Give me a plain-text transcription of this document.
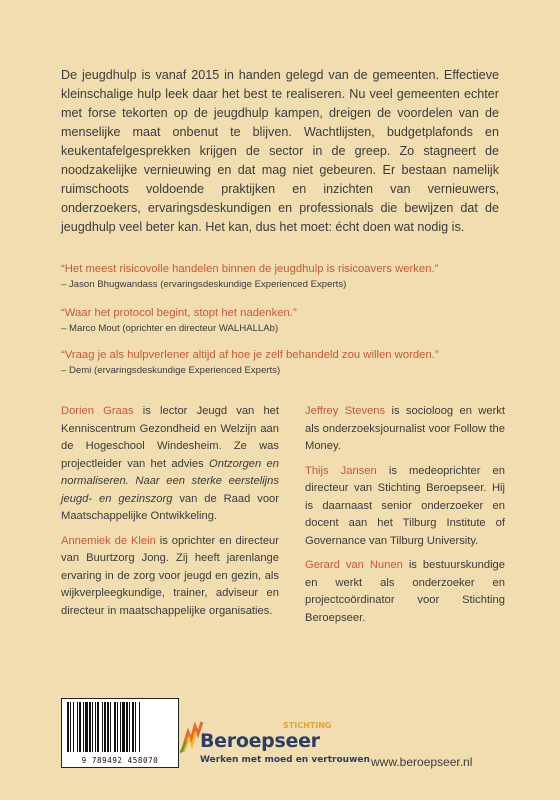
De jeugdhulp is vanaf 2015 in handen gelegd van de gemeenten. Effectieve kleinschalige hulp leek daar het best te realiseren. Nu veel gemeenten echter met forse tekorten op de jeugdhulp kampen, dreigen de voordelen van de menselijke maat onbenut te blijven. Wachtlijsten, budgetplafonds en keukentafelgesprekken krijgen de sector in de greep. Zo stagneert de noodzakelijke vernieuwing en dat mag niet gebeuren. Er bestaan namelijk ruimschoots voldoende praktijken en inzichten van vernieuwers, onderzoekers, ervaringsdeskundigen en professionals die bewijzen dat de jeugdhulp veel beter kan. Het kan, dus het moet: écht doen wat nodig is.
“Het meest risicovolle handelen binnen de jeugdhulp is risicoavers werken.”
– Jason Bhugwandass (ervaringsdeskundige Experienced Experts)
“Waar het protocol begint, stopt het nadenken.”
– Marco Mout (oprichter en directeur WALHALLAb)
“Vraag je als hulpverlener altijd af hoe je zelf behandeld zou willen worden.”
– Demi (ervaringsdeskundige Experienced Experts)

Dorien Graas is lector Jeugd van het Kenniscentrum Gezondheid en Welzijn aan de Hogeschool Windesheim. Ze was projectleider van het advies Ontzorgen en normaliseren. Naar een sterke eerstelijns jeugd- en gezinszorg van de Raad voor Maatschappelijke Ontwikkeling.

Annemiek de Klein is oprichter en directeur van Buurtzorg Jong. Zij heeft jarenlange ervaring in de zorg voor jeugd en gezin, als wijkverpleegkundige, trainer, adviseur en directeur in maatschappelijke organisaties.

Jeffrey Stevens is socioloog en werkt als onderzoeksjournalist voor Follow the Money.

Thijs Jansen is medeoprichter en directeur van Stichting Beroepseer. Hij is daarnaast senior onderzoeker en docent aan het Tilburg Institute of Governance van Tilburg University.

Gerard van Nunen is bestuurskundige en werkt als onderzoeker en projectcoördinator voor Stichting Beroepseer.

9 789492 458070
STICHTING
Beroepseer
Werken met moed en vertrouwen www.beroepseer.nl
